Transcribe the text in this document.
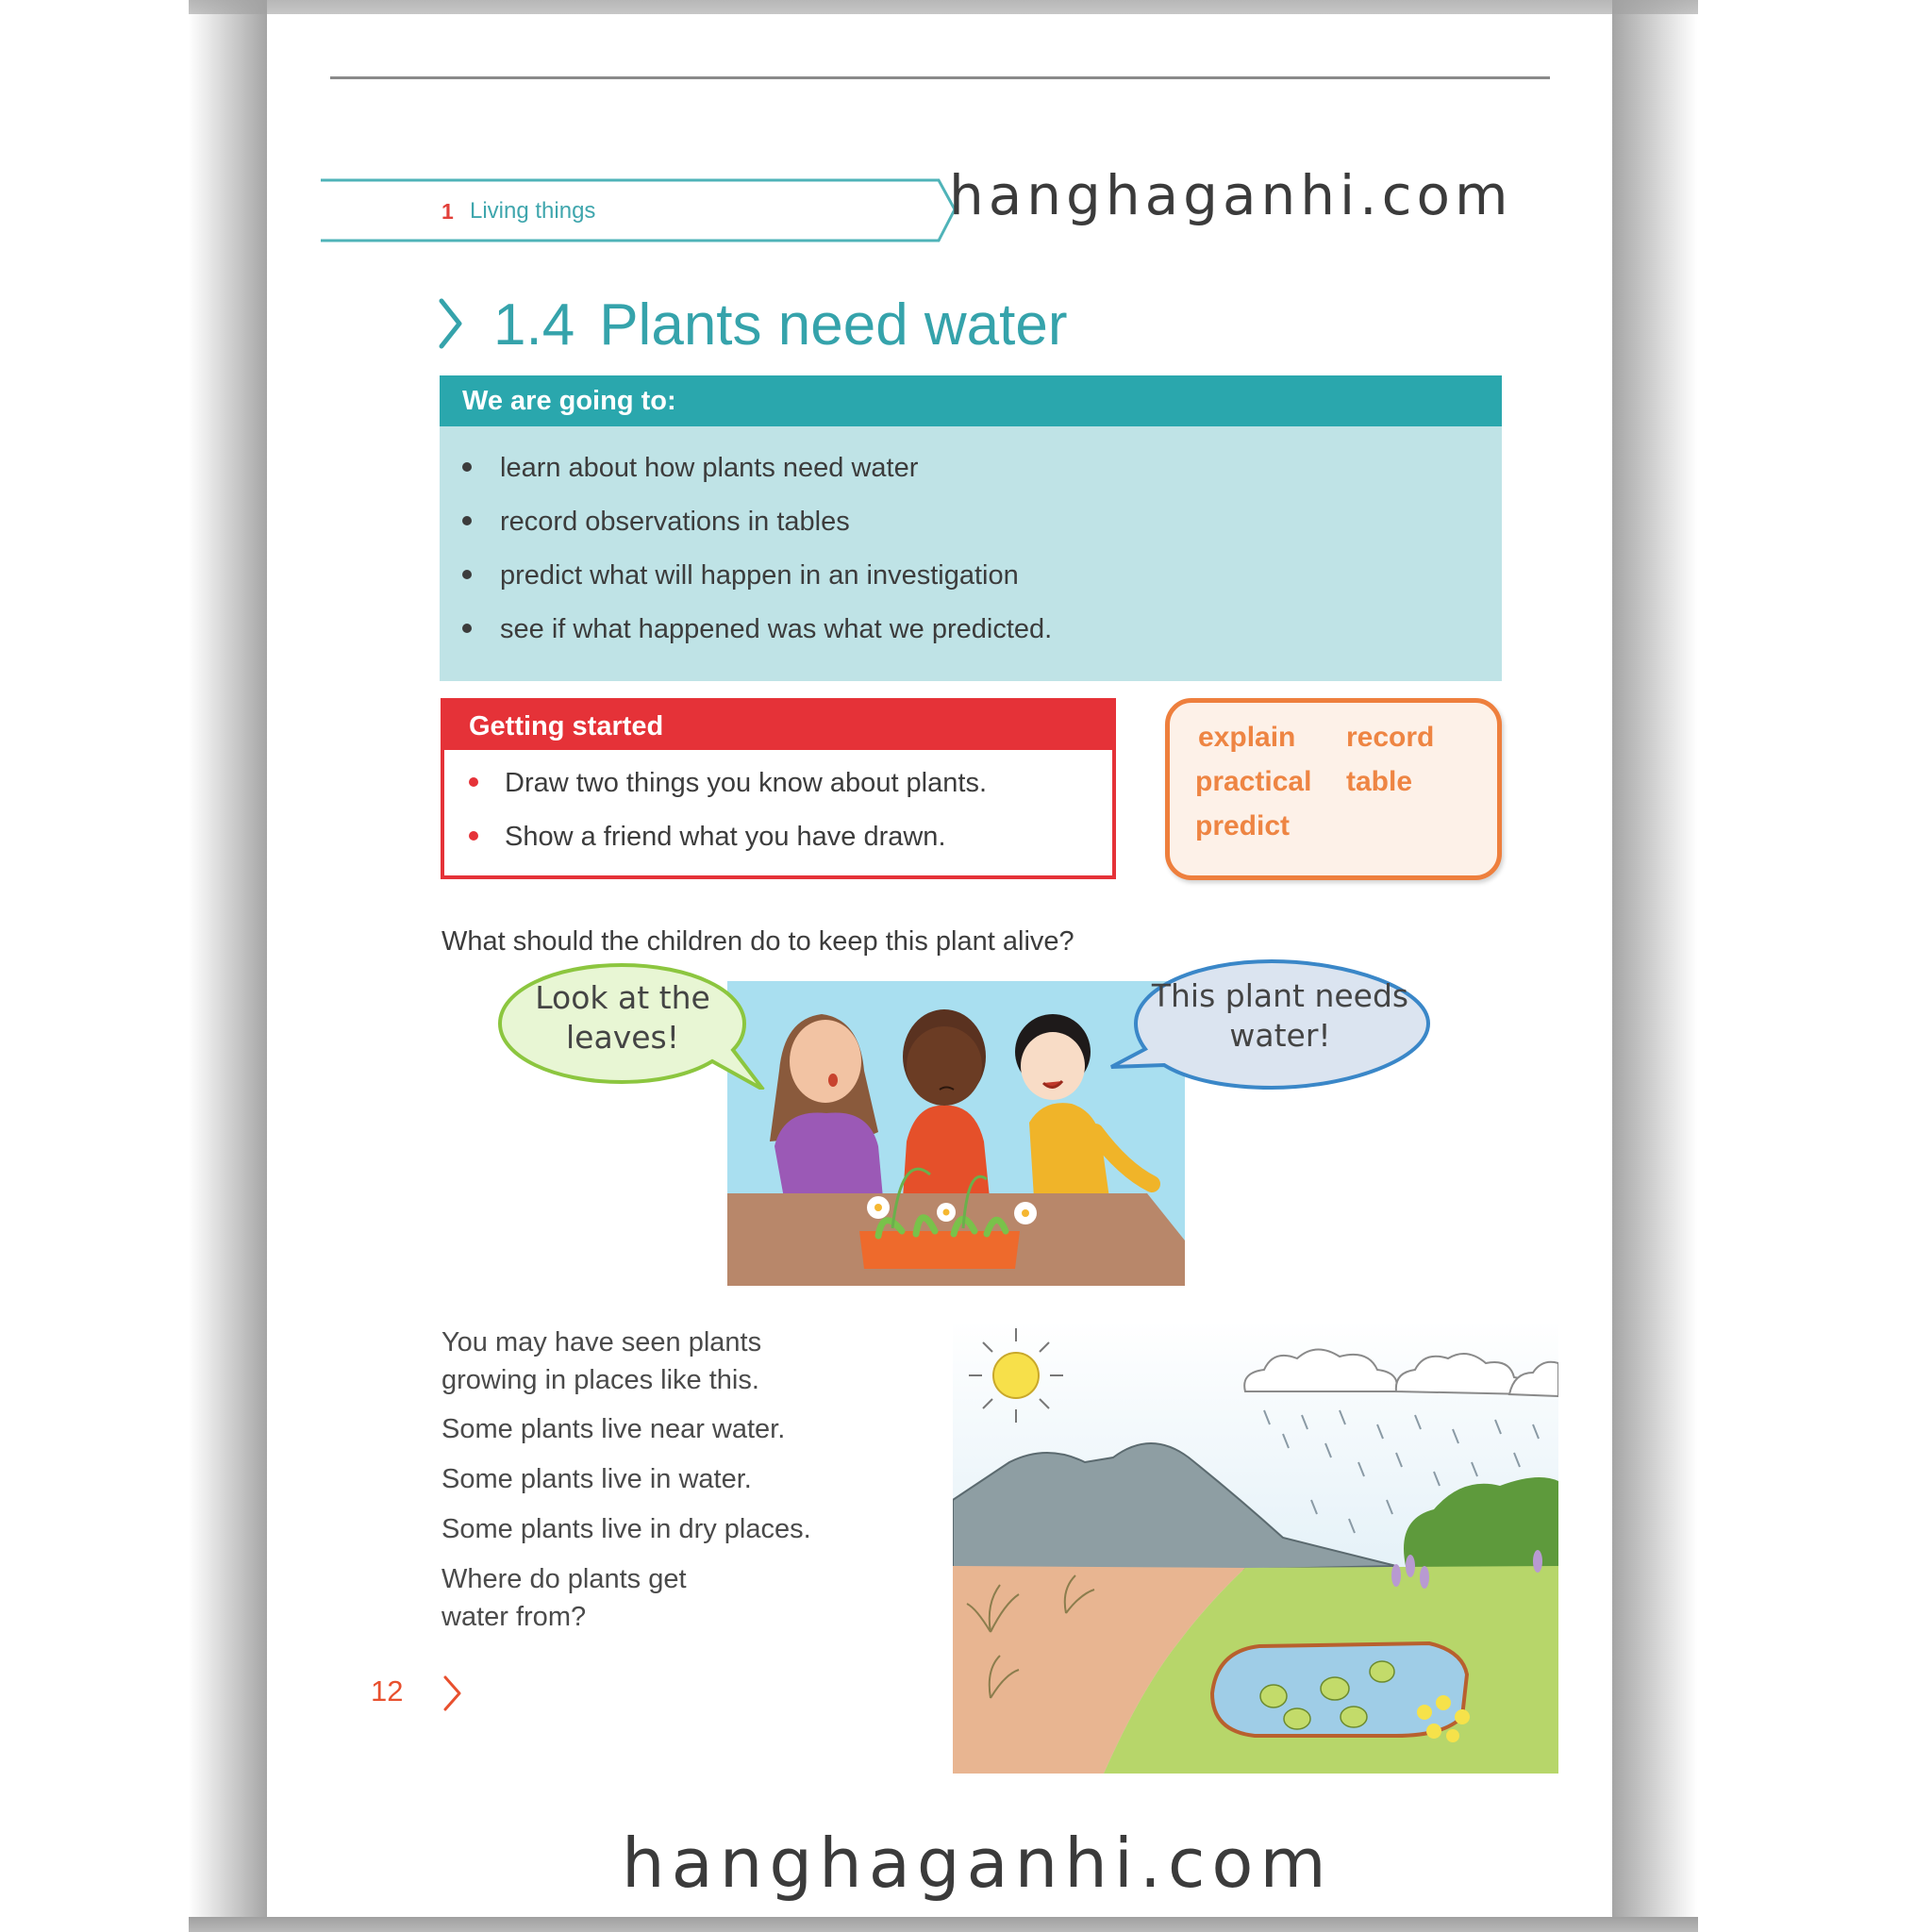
1 Living things	hanghaganhi.com
1.4 Plants need water
We are going to:
learn about how plants need water
record observations in tables
predict what will happen in an investigation
see if what happened was what we predicted.
Getting started
Draw two things you know about plants.
Show a friend what you have drawn.
explain record
practical table
predict
What should the children do to keep this plant alive?
Look at the
leaves!
This plant needs
water!
You may have seen plants
growing in places like this.
Some plants live near water.
Some plants live in water.
Some plants live in dry places.
Where do plants get
water from?
12
hanghaganhi.com
